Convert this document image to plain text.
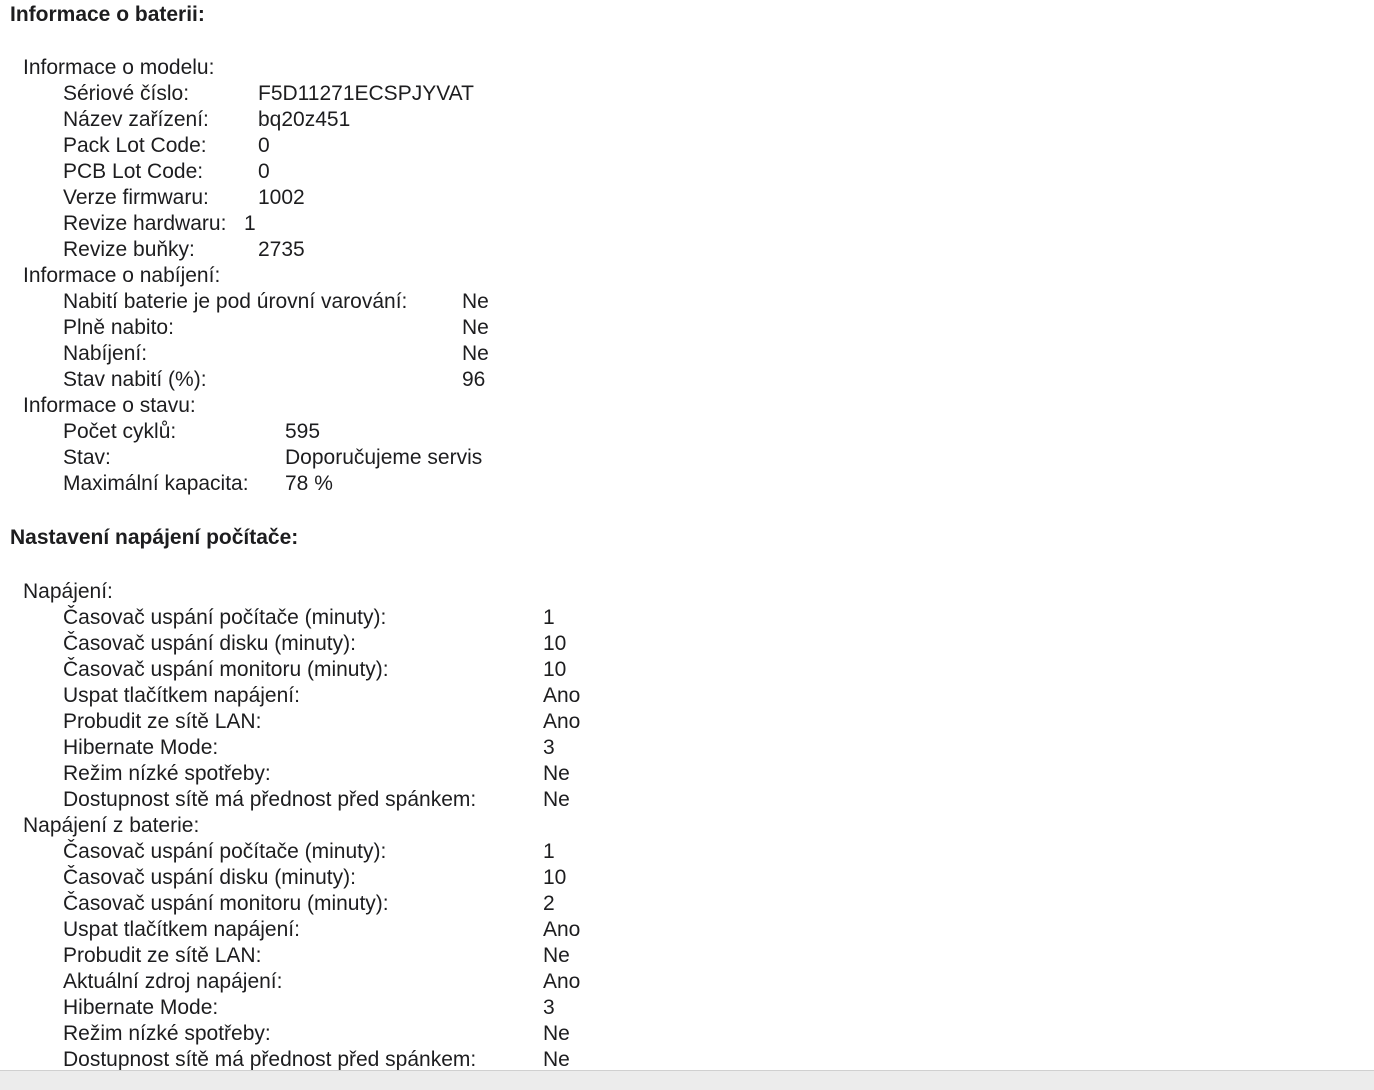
Informace o baterii:
Informace o modelu:
Sériové číslo:	F5D11271ECSPJYVAT
Název zařízení: bq20z451
Pack Lot Code: 0
PCB Lot Code:	0
Verze firmwaru: 1002
Revize hardwaru: 1
Revize buňky:	2735
Informace o nabíjení:
Nabití baterie je pod úrovní varování:	Ne
Plně nabito:	Ne
Nabíjení:	Ne
Stav nabití (%):	96
Informace o stavu:
Počet cyklů:	595
Stav:	Doporučujeme servis
Maximální kapacita: 78 %
Nastavení napájení počítače:
Napájení:
Časovač uspání počítače (minuty):	1
Časovač uspání disku (minuty):	10
Časovač uspání monitoru (minuty):	10
Uspat tlačítkem napájení:	Ano
Probudit ze sítě LAN:	Ano
Hibernate Mode:	3
Režim nízké spotřeby:	Ne
Dostupnost sítě má přednost před spánkem:	Ne
Napájení z baterie:
Časovač uspání počítače (minuty):	1
Časovač uspání disku (minuty):	10
Časovač uspání monitoru (minuty):	2
Uspat tlačítkem napájení:	Ano
Probudit ze sítě LAN:	Ne
Aktuální zdroj napájení:	Ano
Hibernate Mode:	3
Režim nízké spotřeby:	Ne
Dostupnost sítě má přednost před spánkem:	Ne
